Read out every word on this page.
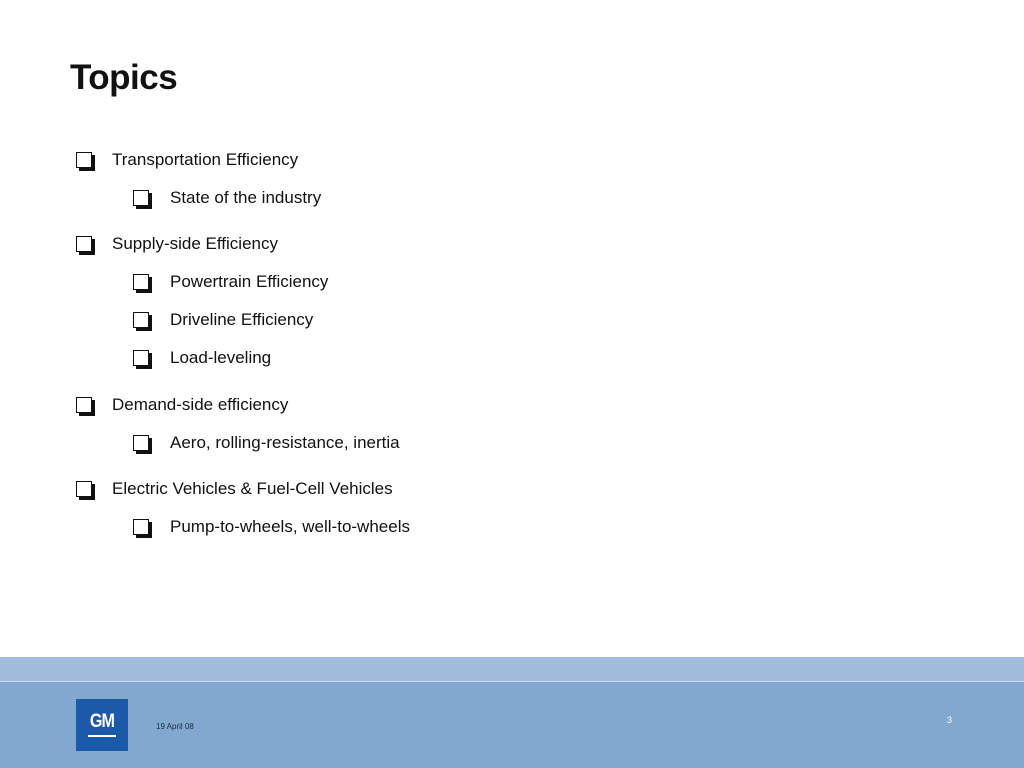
Topics
Transportation Efficiency
State of the industry
Supply-side Efficiency
Powertrain Efficiency
Driveline Efficiency
Load-leveling
Demand-side efficiency
Aero, rolling-resistance, inertia
Electric Vehicles & Fuel-Cell Vehicles
Pump-to-wheels, well-to-wheels
GM	19 April 08
3
